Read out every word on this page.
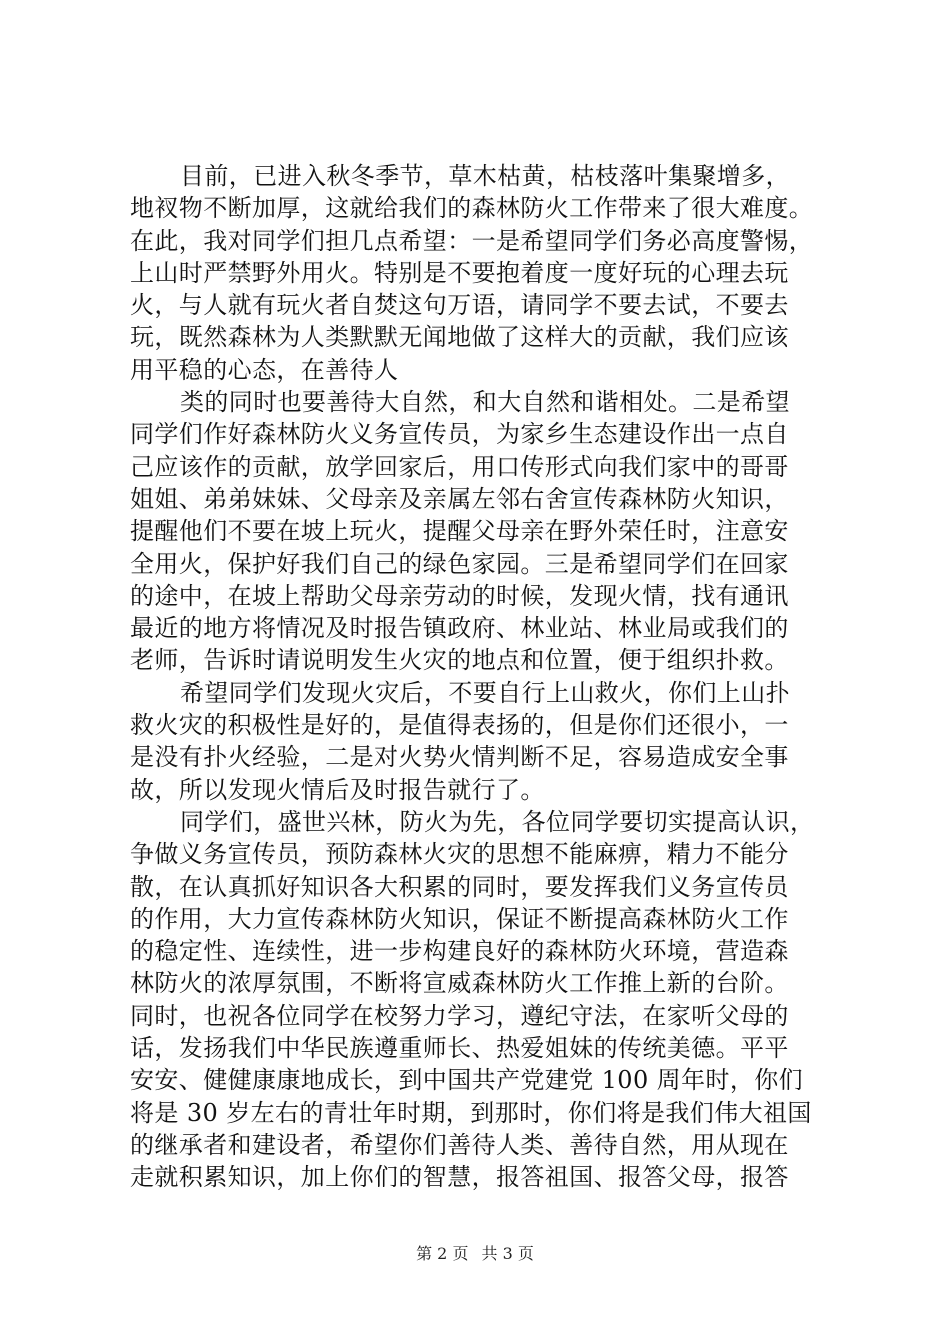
目前，已进入秋冬季节，草木枯黄，枯枝落叶集聚增多，
地衩物不断加厚，这就给我们的森林防火工作带来了很大难度。
在此，我对同学们担几点希望：一是希望同学们务必高度警惕，
上山时严禁野外用火。特别是不要抱着度一度好玩的心理去玩
火，与人就有玩火者自焚这句万语，请同学不要去试，不要去
玩，既然森林为人类默默无闻地做了这样大的贡献，我们应该
用平稳的心态，在善待人
类的同时也要善待大自然，和大自然和谐相处。二是希望
同学们作好森林防火义务宣传员，为家乡生态建设作出一点自
己应该作的贡献，放学回家后，用口传形式向我们家中的哥哥
姐姐、弟弟妹妹、父母亲及亲属左邻右舍宣传森林防火知识，
提醒他们不要在坡上玩火，提醒父母亲在野外荣任时，注意安
全用火，保护好我们自己的绿色家园。三是希望同学们在回家
的途中，在坡上帮助父母亲劳动的时候，发现火情，找有通讯
最近的地方将情况及时报告镇政府、林业站、林业局或我们的
老师，告诉时请说明发生火灾的地点和位置，便于组织扑救。
希望同学们发现火灾后，不要自行上山救火，你们上山扑
救火灾的积极性是好的，是值得表扬的，但是你们还很小，一
是没有扑火经验，二是对火势火情判断不足，容易造成安全事
故，所以发现火情后及时报告就行了。
同学们，盛世兴林，防火为先，各位同学要切实提高认识，
争做义务宣传员，预防森林火灾的思想不能麻痹，精力不能分
散，在认真抓好知识各大积累的同时，要发挥我们义务宣传员
的作用，大力宣传森林防火知识，保证不断提高森林防火工作
的稳定性、连续性，进一步构建良好的森林防火环境，营造森
林防火的浓厚氛围，不断将宣威森林防火工作推上新的台阶。
同时，也祝各位同学在校努力学习，遵纪守法，在家听父母的
话，发扬我们中华民族遵重师长、热爱姐妹的传统美德。平平
安安、健健康康地成长，到中国共产党建党 100 周年时，你们
将是 30 岁左右的青壮年时期，到那时，你们将是我们伟大祖国
的继承者和建设者，希望你们善待人类、善待自然，用从现在
走就积累知识，加上你们的智慧，报答祖国、报答父母，报答
第 2 页 共 3 页
